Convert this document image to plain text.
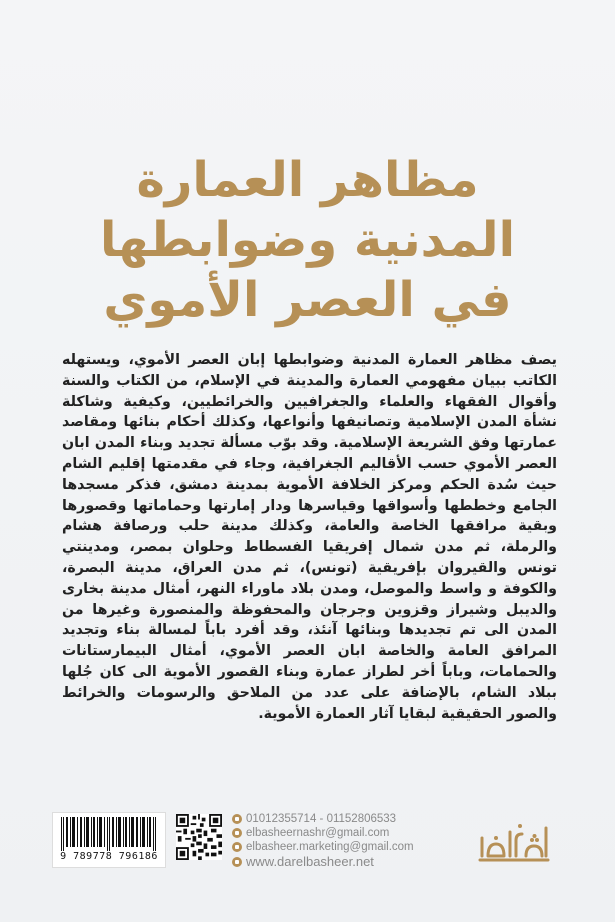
مظاهر العمارة
المدنية وضوابطها
في العصر الأموي
يصف مظاهر العمارة المدنية وضوابطها إبان العصر الأموي، ويستهله الكاتب ببيان مفهومي العمارة والمدينة في الإسلام، من الكتاب والسنة وأقوال الفقهاء والعلماء والجغرافيين والخرائطيين، وكيفية وشاكلة نشأة المدن الإسلامية وتصانيفها وأنواعها، وكذلك أحكام بنائها ومقاصد عمارتها وفق الشريعة الإسلامية. وقد بوّب مسألة تجديد وبناء المدن ابان العصر الأموي حسب الأقاليم الجغرافية، وجاء في مقدمتها إقليم الشام حيث سُدة الحكم ومركز الخلافة الأموية بمدينة دمشق، فذكر مسجدها الجامع وخططها وأسواقها وقياسرها ودار إمارتها وحماماتها وقصورها وبقية مرافقها الخاصة والعامة، وكذلك مدينة حلب ورصافة هشام والرملة، ثم مدن شمال إفريقيا الفسطاط وحلوان بمصر، ومدينتي تونس والقيروان بإفريقية (تونس)، ثم مدن العراق، مدينة البصرة، والكوفة و واسط والموصل، ومدن بلاد ماوراء النهر، أمثال مدينة بخارى والديبل وشيراز وقزوين وجرجان والمحفوظة والمنصورة وغيرها من المدن الى تم تجديدها وبنائها آنئذ، وقد أفرد باباً لمسالة بناء وتجديد المرافق العامة والخاصة ابان العصر الأموي، أمثال البيمارستانات والحمامات، وباباً أخر لطراز عمارة وبناء القصور الأموية الى كان جُلها ببلاد الشام، بالإضافة على عدد من الملاحق والرسومات والخرائط والصور الحقيقية لبقايا آثار العمارة الأموية.
9 789778 796186
01012355714 - 01152806533
elbasheernashr@gmail.com
elbasheer.marketing@gmail.com
www.darelbasheer.net
